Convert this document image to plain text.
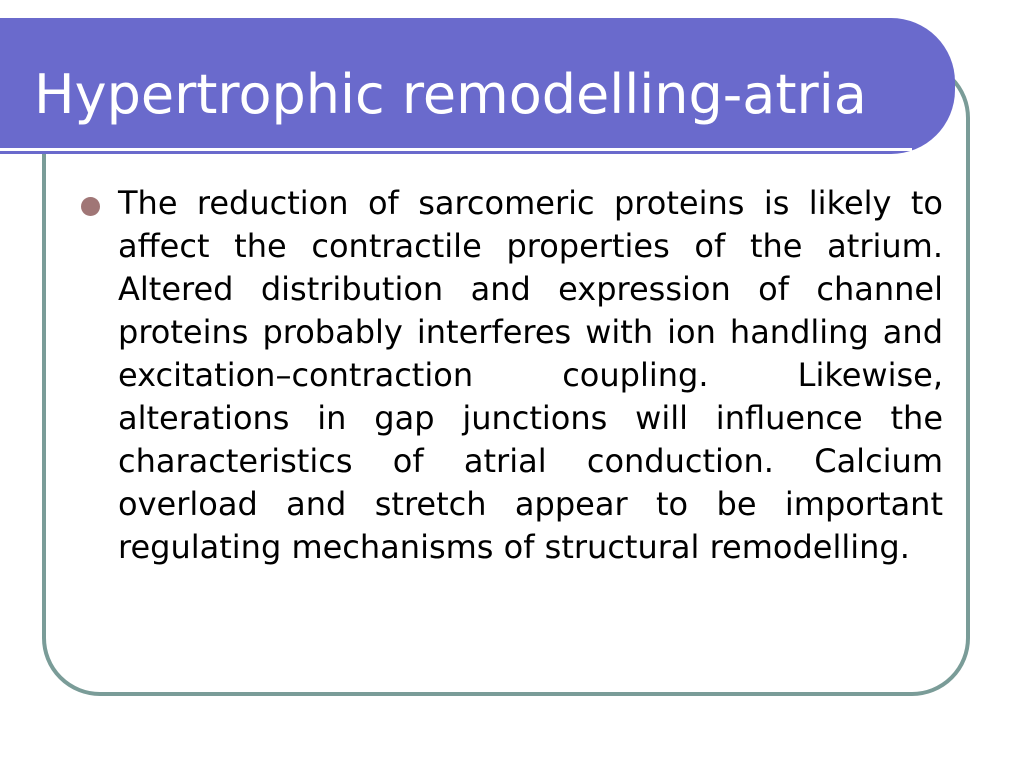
Hypertrophic remodelling-atria

The reduction of sarcomeric proteins is likely to affect the contractile properties of the atrium. Altered distribution and expression of channel proteins probably interferes with ion handling and excitation–contraction coupling. Likewise, alterations in gap junctions will influence the characteristics of atrial conduction. Calcium overload and stretch appear to be important regulating mechanisms of structural remodelling.
